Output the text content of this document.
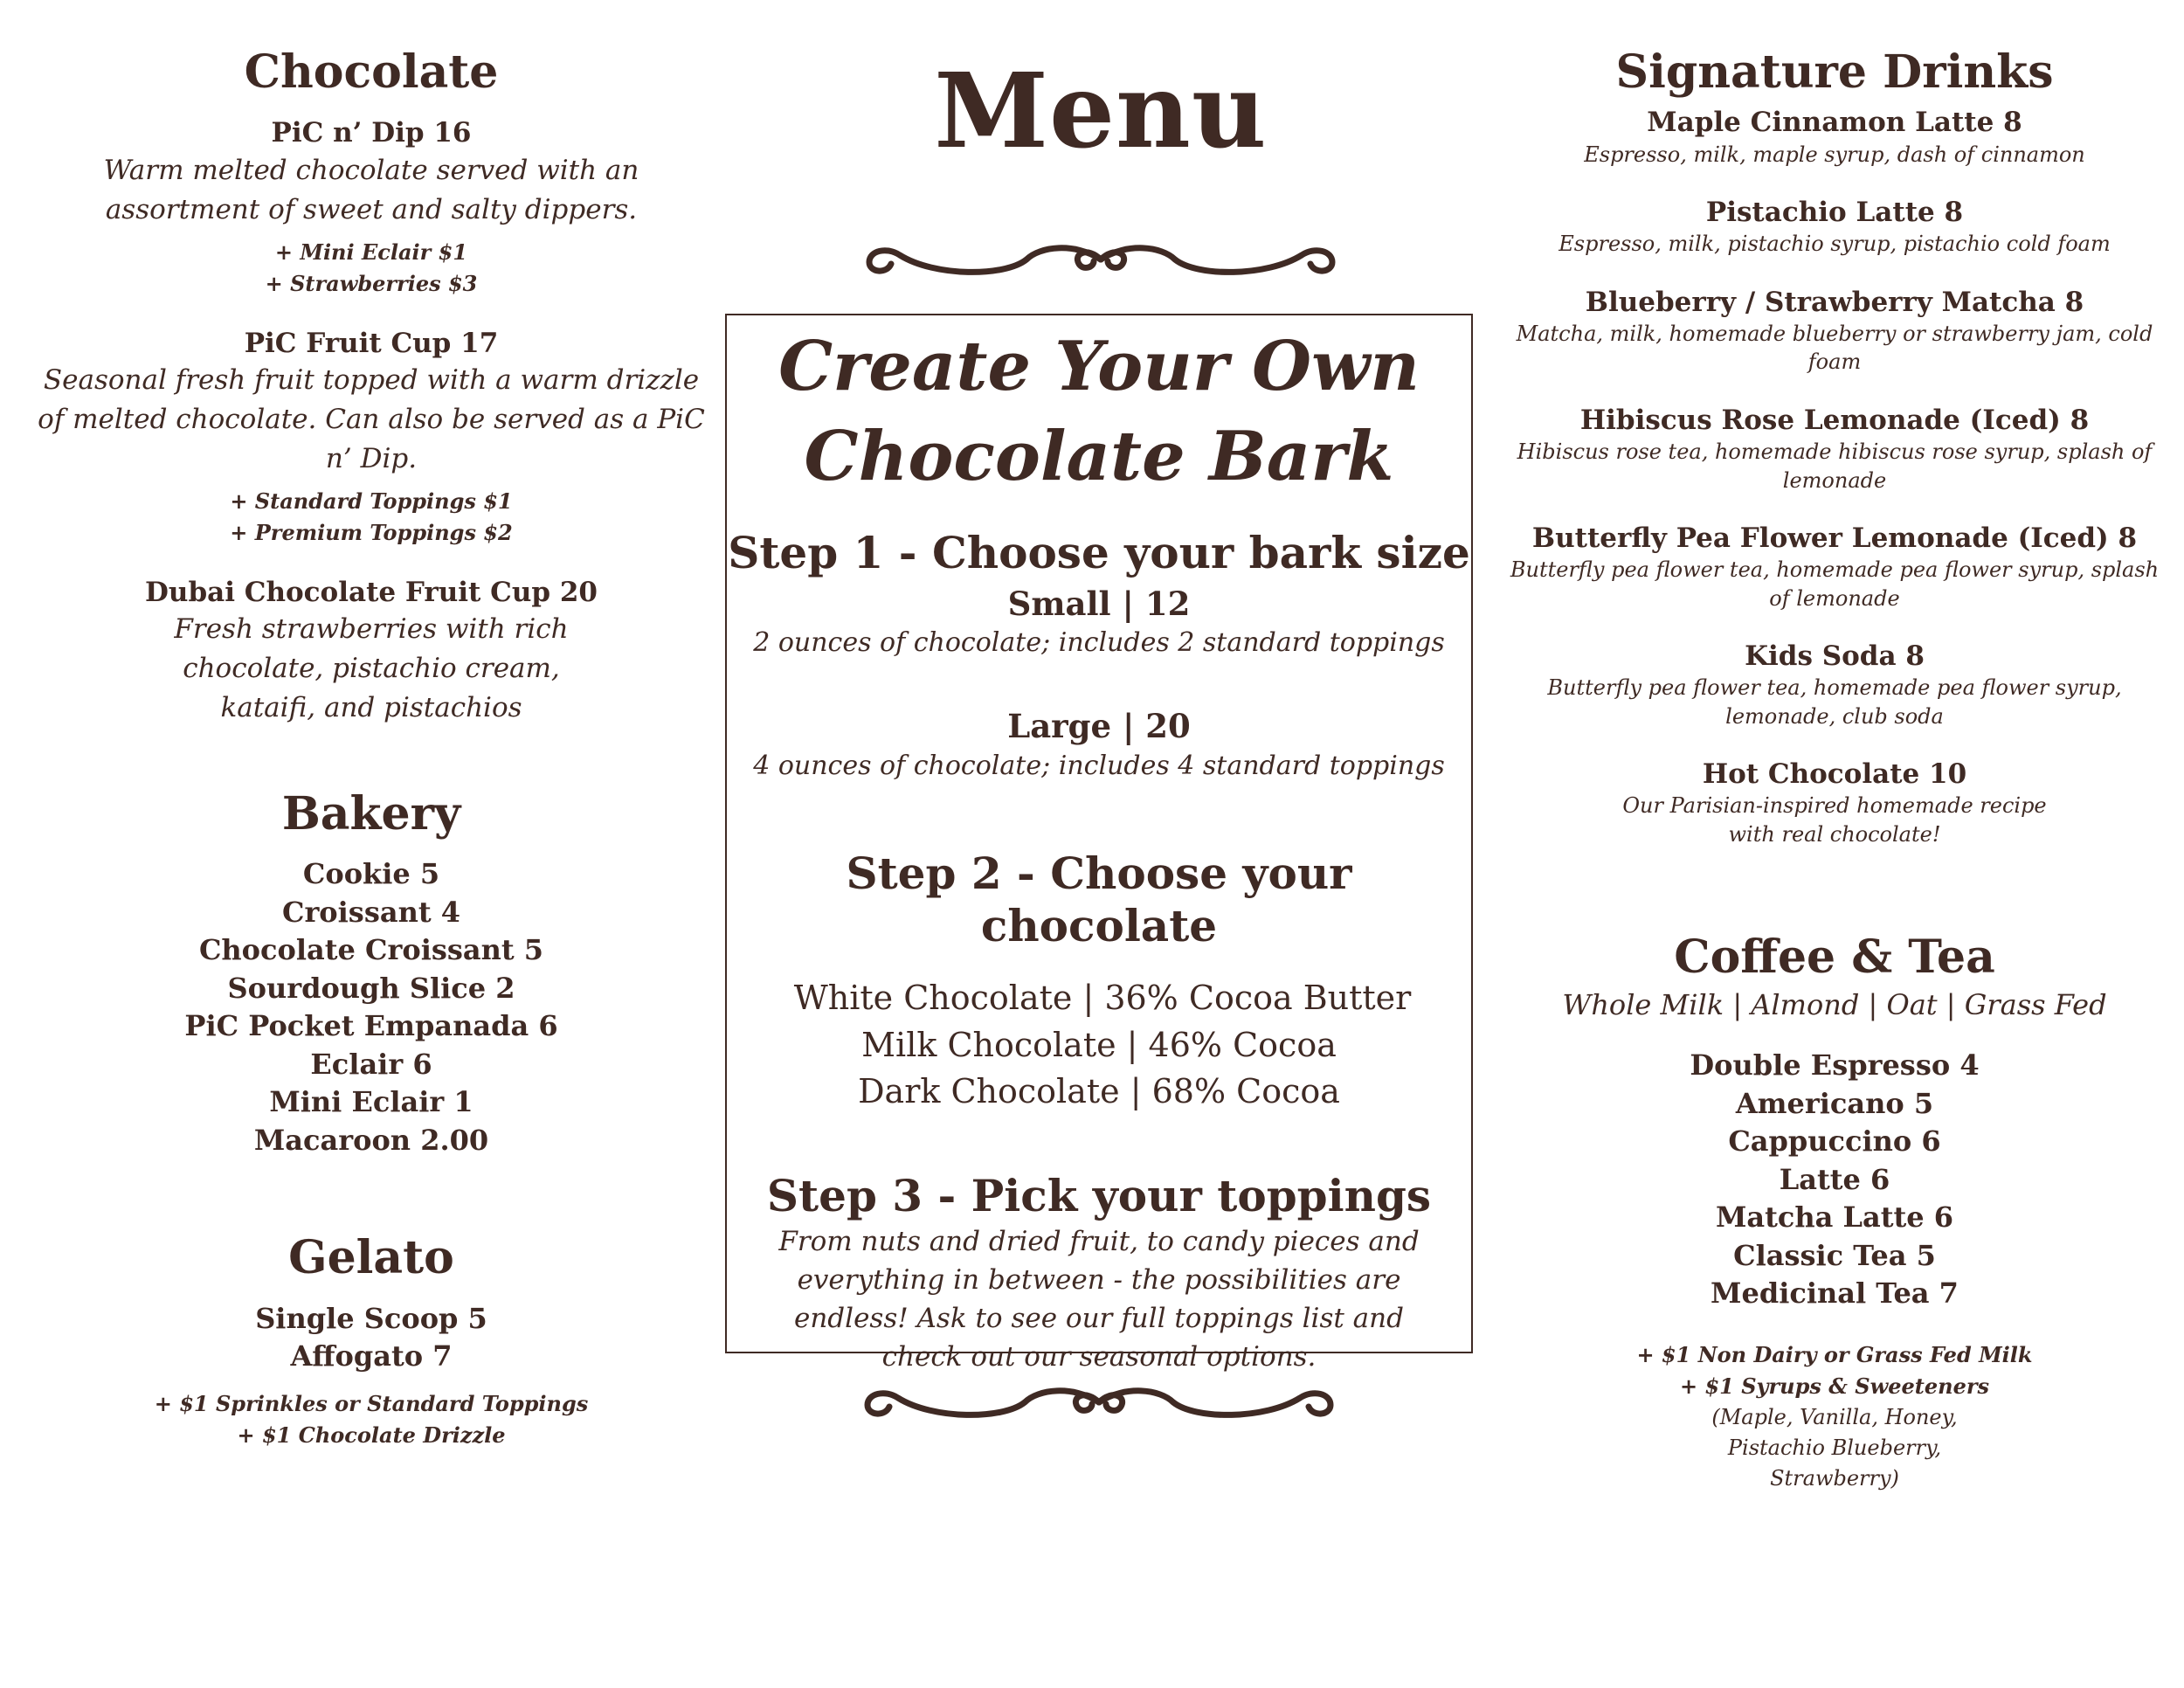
Chocolate
PiC n’ Dip 16
Warm melted chocolate served with an assortment of sweet and salty dippers.
+ Mini Eclair $1
+ Strawberries $3
PiC Fruit Cup 17
Seasonal fresh fruit topped with a warm drizzle of melted chocolate. Can also be served as a PiC n’ Dip.
+ Standard Toppings $1
+ Premium Toppings $2
Dubai Chocolate Fruit Cup 20
Fresh strawberries with rich chocolate, pistachio cream, kataifi, and pistachios
Bakery
Cookie 5
Croissant 4
Chocolate Croissant 5
Sourdough Slice 2
PiC Pocket Empanada 6
Eclair 6
Mini Eclair 1
Macaroon 2.00
Gelato
Single Scoop 5
Affogato 7
+ $1 Sprinkles or Standard Toppings
+ $1 Chocolate Drizzle
Menu
Create Your Own
Chocolate Bark
Step 1 - Choose your bark size
Small | 12
2 ounces of chocolate; includes 2 standard toppings
Large | 20
4 ounces of chocolate; includes 4 standard toppings
Step 2 - Choose your chocolate
White Chocolate | 36% Cocoa Butter
Milk Chocolate | 46% Cocoa
Dark Chocolate | 68% Cocoa
Step 3 - Pick your toppings
From nuts and dried fruit, to candy pieces and everything in between - the possibilities are endless! Ask to see our full toppings list and check out our seasonal options.
Signature Drinks
Maple Cinnamon Latte 8
Espresso, milk, maple syrup, dash of cinnamon
Pistachio Latte 8
Espresso, milk, pistachio syrup, pistachio cold foam
Blueberry / Strawberry Matcha 8
Matcha, milk, homemade blueberry or strawberry jam, cold foam
Hibiscus Rose Lemonade (Iced) 8
Hibiscus rose tea, homemade hibiscus rose syrup, splash of lemonade
Butterfly Pea Flower Lemonade (Iced) 8
Butterfly pea flower tea, homemade pea flower syrup, splash of lemonade
Kids Soda 8
Butterfly pea flower tea, homemade pea flower syrup, lemonade, club soda
Hot Chocolate 10
Our Parisian-inspired homemade recipe with real chocolate!
Coffee & Tea
Whole Milk | Almond | Oat | Grass Fed
Double Espresso 4
Americano 5
Cappuccino 6
Latte 6
Matcha Latte 6
Classic Tea 5
Medicinal Tea 7
+ $1 Non Dairy or Grass Fed Milk
+ $1 Syrups & Sweeteners
(Maple, Vanilla, Honey, Pistachio Blueberry, Strawberry)
